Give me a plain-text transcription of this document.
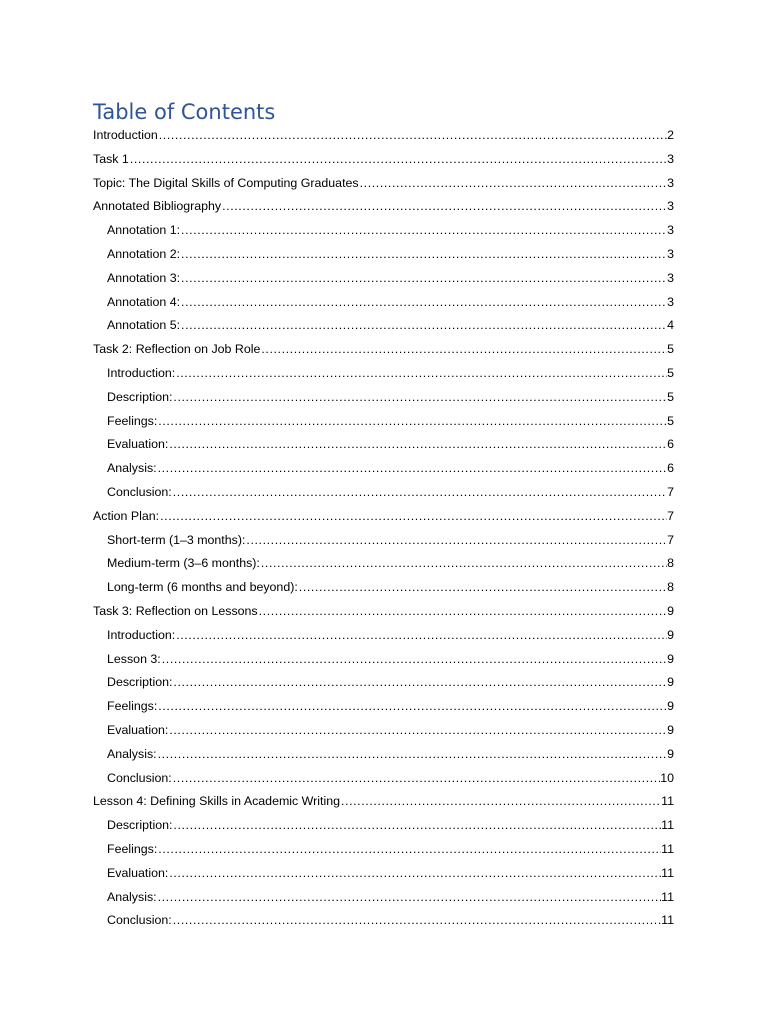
Table of Contents
Introduction .....	2
Task 1 .....	3
Topic: The Digital Skills of Computing Graduates .....	3
Annotated Bibliography .....	3
Annotation 1: .....	3
Annotation 2: .....	3
Annotation 3: .....	3
Annotation 4: .....	3
Annotation 5: .....	4
Task 2: Reflection on Job Role .....	5
Introduction: .....	5
Description: .....	5
Feelings: .....	5
Evaluation: .....	6
Analysis: .....	6
Conclusion: .....	7
Action Plan: .....	7
Short-term (1–3 months): .....	7
Medium-term (3–6 months): .....	8
Long-term (6 months and beyond): .....	8
Task 3: Reflection on Lessons .....	9
Introduction: .....	9
Lesson 3: .....	9
Description: .....	9
Feelings: .....	9
Evaluation: .....	9
Analysis: .....	9
Conclusion: .....	10
Lesson 4: Defining Skills in Academic Writing .....	11
Description: .....	11
Feelings: .....	11
Evaluation: .....	11
Analysis: .....	11
Conclusion: .....	11
